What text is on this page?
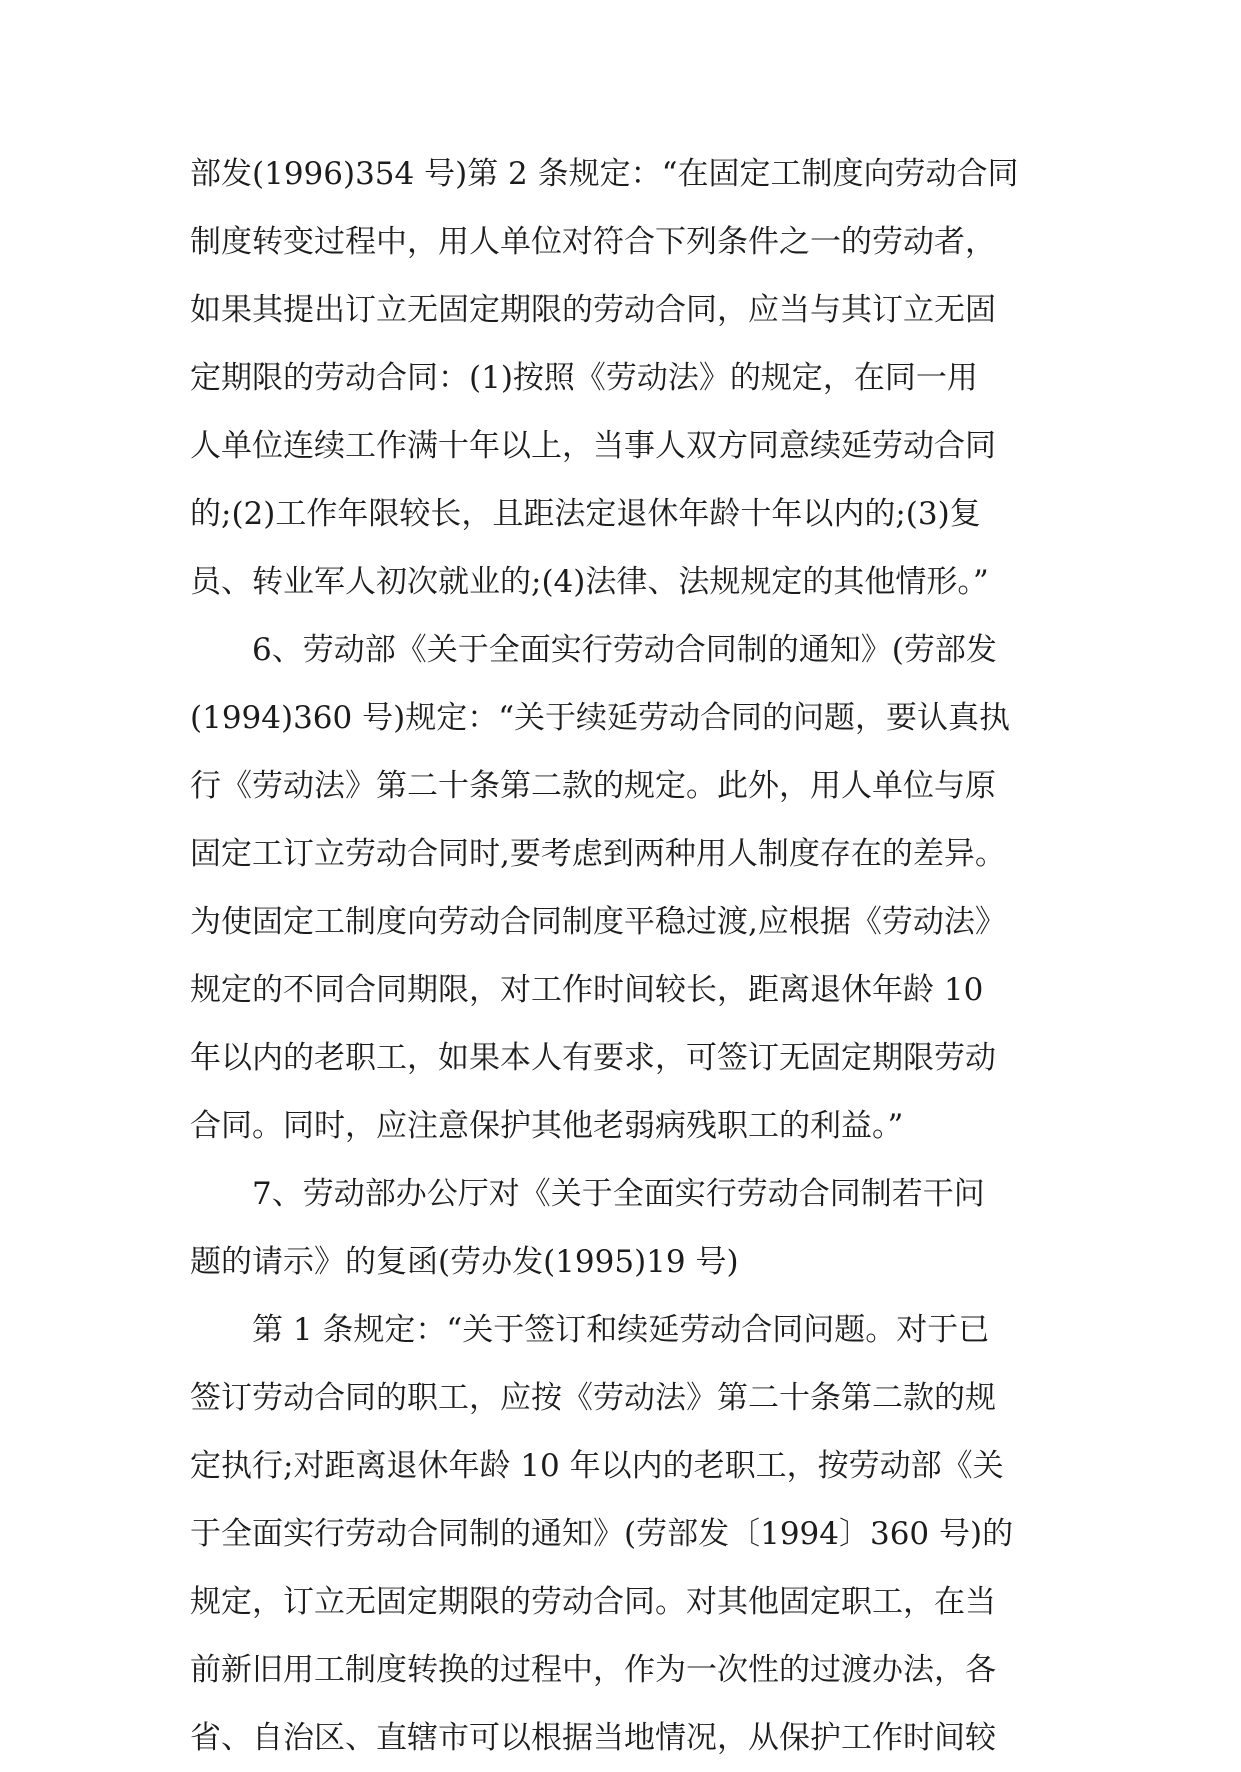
部发(1996)354 号)第 2 条规定：“在固定工制度向劳动合同
制度转变过程中，用人单位对符合下列条件之一的劳动者，
如果其提出订立无固定期限的劳动合同，应当与其订立无固
定期限的劳动合同：(1)按照《劳动法》的规定，在同一用
人单位连续工作满十年以上，当事人双方同意续延劳动合同
的;(2)工作年限较长，且距法定退休年龄十年以内的;(3)复
员、转业军人初次就业的;(4)法律、法规规定的其他情形。”
6、劳动部《关于全面实行劳动合同制的通知》(劳部发
(1994)360 号)规定：“关于续延劳动合同的问题，要认真执
行《劳动法》第二十条第二款的规定。此外，用人单位与原
固定工订立劳动合同时,要考虑到两种用人制度存在的差异。
为使固定工制度向劳动合同制度平稳过渡,应根据《劳动法》
规定的不同合同期限，对工作时间较长，距离退休年龄 10
年以内的老职工，如果本人有要求，可签订无固定期限劳动
合同。同时，应注意保护其他老弱病残职工的利益。”
7、劳动部办公厅对《关于全面实行劳动合同制若干问
题的请示》的复函(劳办发(1995)19 号)
第 1 条规定：“关于签订和续延劳动合同问题。对于已
签订劳动合同的职工，应按《劳动法》第二十条第二款的规
定执行;对距离退休年龄 10 年以内的老职工，按劳动部《关
于全面实行劳动合同制的通知》(劳部发〔1994〕360 号)的
规定，订立无固定期限的劳动合同。对其他固定职工，在当
前新旧用工制度转换的过程中，作为一次性的过渡办法，各
省、自治区、直辖市可以根据当地情况，从保护工作时间较
